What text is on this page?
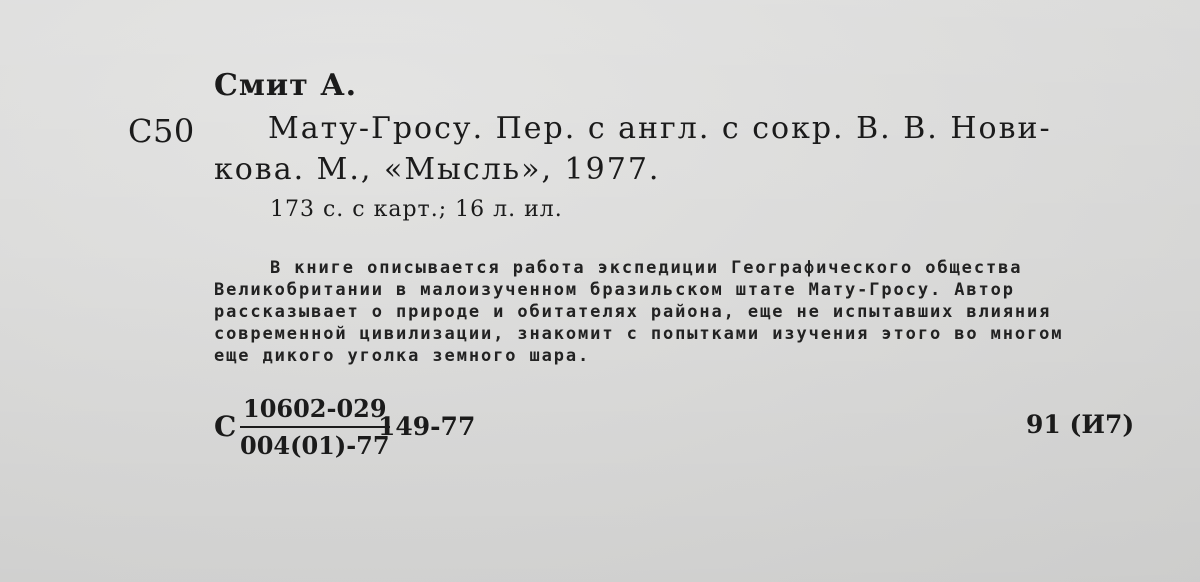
Смит А.
С50 Мату-Гросу. Пер. с англ. с сокр. В. В. Нови-
кова. М., «Мысль», 1977.
173 с. с карт.; 16 л. ил.
В книге описывается работа экспедиции Географического общества
Великобритании в малоизученном бразильском штате Мату-Гросу. Автор
рассказывает о природе и обитателях района, еще не испытавших влияния
современной цивилизации, знакомит с попытками изучения этого во многом
еще дикого уголка земного шара.
С $\frac{10602-029}{004(01)-77}$
149-77	91 (И7)
